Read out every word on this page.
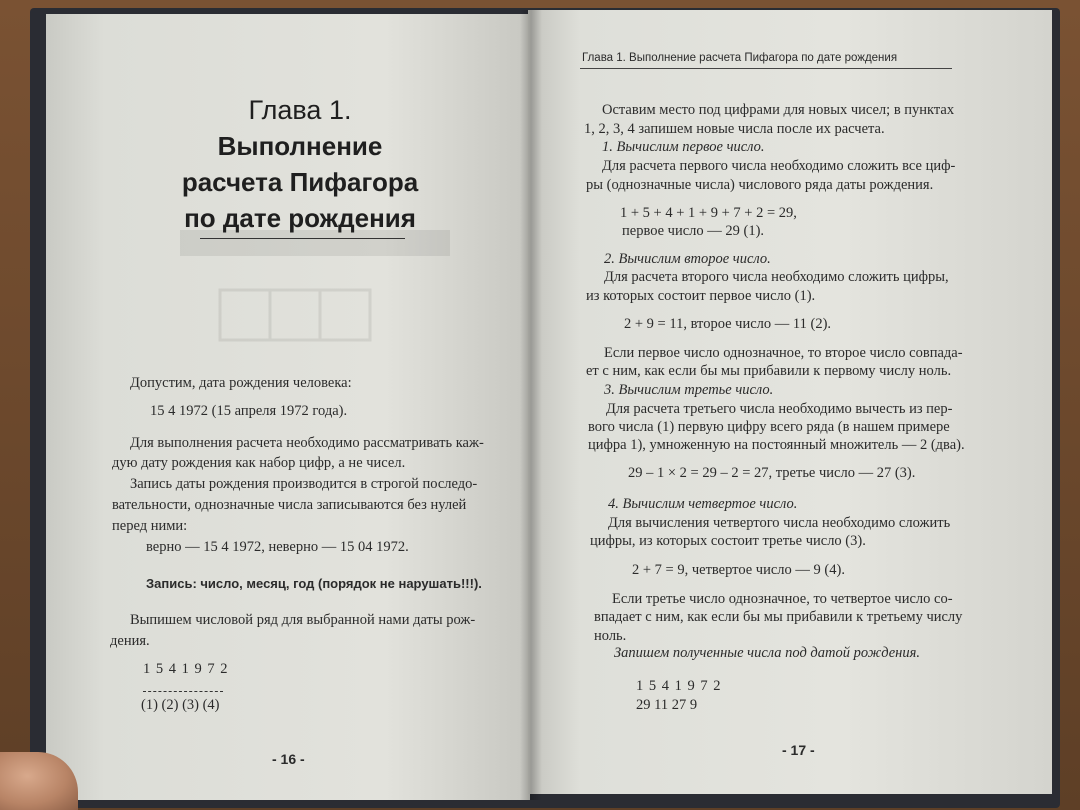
Глава 1.
Выполнение
расчета Пифагора
по дате рождения
Допустим, дата рождения человека:
15 4 1972 (15 апреля 1972 года).
Для выполнения расчета необходимо рассматривать каж-
дую дату рождения как набор цифр, а не чисел.
Запись даты рождения производится в строгой последо-
вательности, однозначные числа записываются без нулей
перед ними:
верно — 15 4 1972, неверно — 15 04 1972.
Запись: число, месяц, год (порядок не нарушать!!!).
Выпишем числовой ряд для выбранной нами даты рож-
дения.
1 5 4 1 9 7 2
(1) (2) (3) (4)
- 16 -
Глава 1. Выполнение расчета Пифагора по дате рождения
Оставим место под цифрами для новых чисел; в пунктах
1, 2, 3, 4 запишем новые числа после их расчета.
1. Вычислим первое число.
Для расчета первого числа необходимо сложить все циф-
ры (однозначные числа) числового ряда даты рождения.
1 + 5 + 4 + 1 + 9 + 7 + 2 = 29,
первое число — 29 (1).
2. Вычислим второе число.
Для расчета второго числа необходимо сложить цифры,
из которых состоит первое число (1).
2 + 9 = 11, второе число — 11 (2).
Если первое число однозначное, то второе число совпада-
ет с ним, как если бы мы прибавили к первому числу ноль.
3. Вычислим третье число.
Для расчета третьего числа необходимо вычесть из пер-
вого числа (1) первую цифру всего ряда (в нашем примере
цифра 1), умноженную на постоянный множитель — 2 (два).
29 – 1 × 2 = 29 – 2 = 27, третье число — 27 (3).
4. Вычислим четвертое число.
Для вычисления четвертого числа необходимо сложить
цифры, из которых состоит третье число (3).
2 + 7 = 9, четвертое число — 9 (4).
Если третье число однозначное, то четвертое число со-
впадает с ним, как если бы мы прибавили к третьему числу
ноль.
Запишем полученные числа под датой рождения.
1 5 4 1 9 7 2
29 11 27 9
- 17 -
